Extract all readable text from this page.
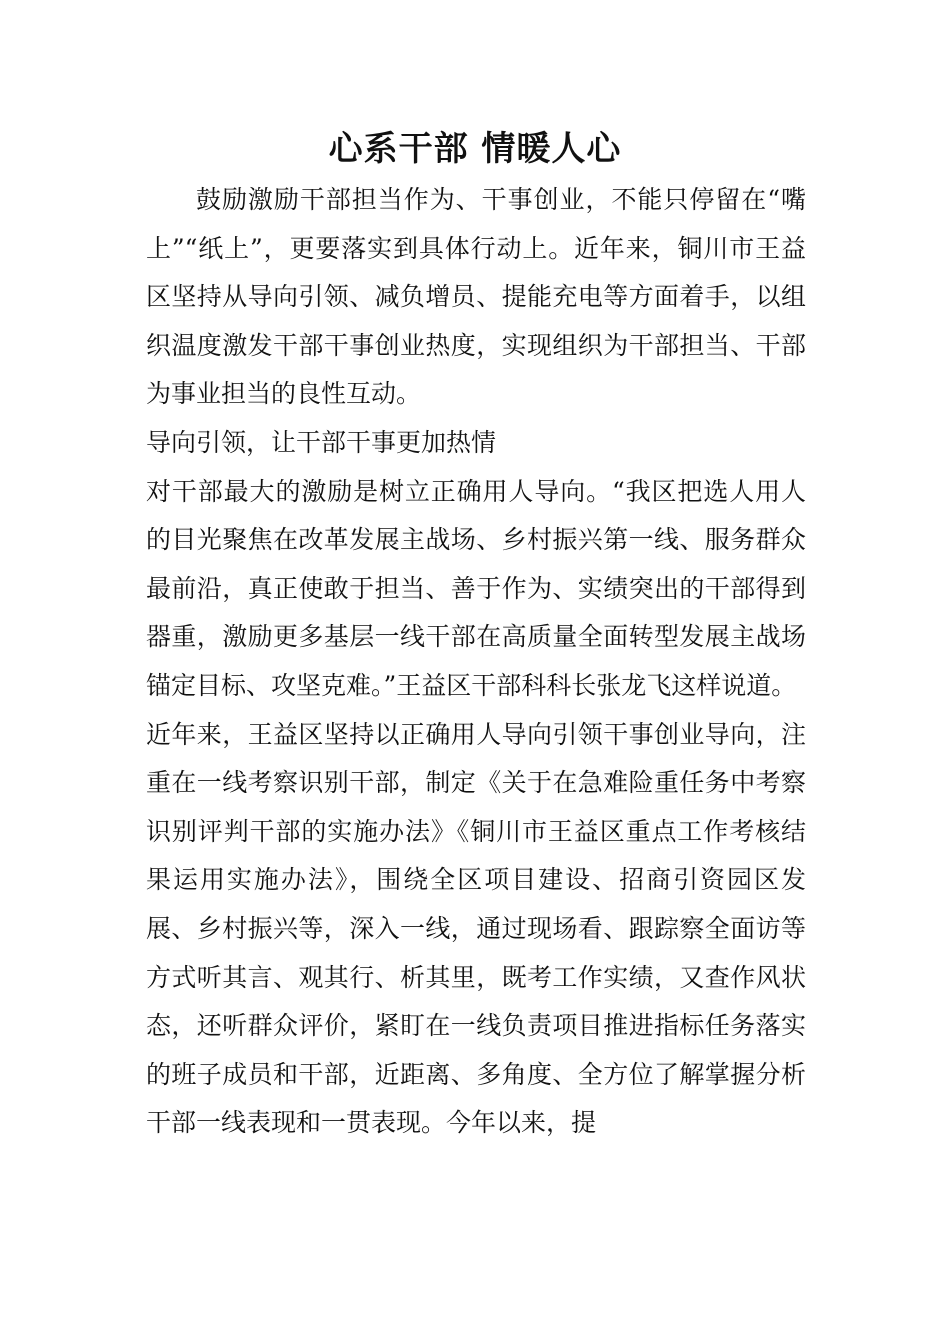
心系干部 情暖人心

鼓励激励干部担当作为、干事创业，不能只停留在“嘴上”“纸上”，更要落实到具体行动上。近年来，铜川市王益区坚持从导向引领、减负增员、提能充电等方面着手，以组织温度激发干部干事创业热度，实现组织为干部担当、干部为事业担当的良性互动。

导向引领，让干部干事更加热情

对干部最大的激励是树立正确用人导向。“我区把选人用人的目光聚焦在改革发展主战场、乡村振兴第一线、服务群众最前沿，真正使敢于担当、善于作为、实绩突出的干部得到器重，激励更多基层一线干部在高质量全面转型发展主战场锚定目标、攻坚克难。”王益区干部科科长张龙飞这样说道。

近年来，王益区坚持以正确用人导向引领干事创业导向，注重在一线考察识别干部，制定《关于在急难险重任务中考察识别评判干部的实施办法》《铜川市王益区重点工作考核结果运用实施办法》，围绕全区项目建设、招商引资园区发展、乡村振兴等，深入一线，通过现场看、跟踪察全面访等方式听其言、观其行、析其里，既考工作实绩，又查作风状态，还听群众评价，紧盯在一线负责项目推进指标任务落实的班子成员和干部，近距离、多角度、全方位了解掌握分析干部一线表现和一贯表现。今年以来，提
